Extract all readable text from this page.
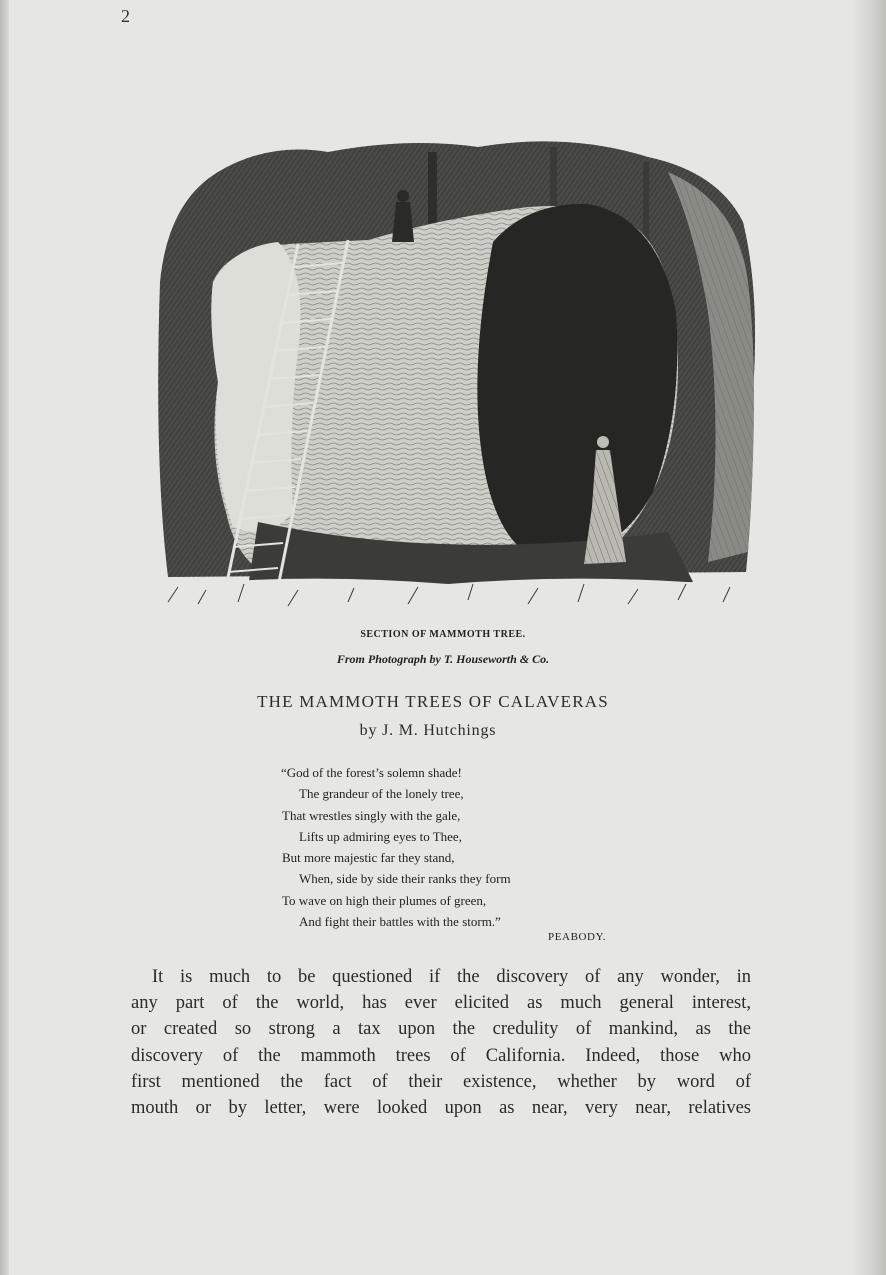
2
SECTION OF MAMMOTH TREE.
From Photograph by T. Houseworth & Co.
THE MAMMOTH TREES OF CALAVERAS
by J. M. Hutchings
“God of the forest’s solemn shade!
The grandeur of the lonely tree,
That wrestles singly with the gale,
Lifts up admiring eyes to Thee,
But more majestic far they stand,
When, side by side their ranks they form
To wave on high their plumes of green,
And fight their battles with the storm.”
PEABODY.
It is much to be questioned if the discovery of any wonder, in
any part of the world, has ever elicited as much general interest,
or created so strong a tax upon the credulity of mankind, as the
discovery of the mammoth trees of California. Indeed, those who
first mentioned the fact of their existence, whether by word of
mouth or by letter, were looked upon as near, very near, relatives
